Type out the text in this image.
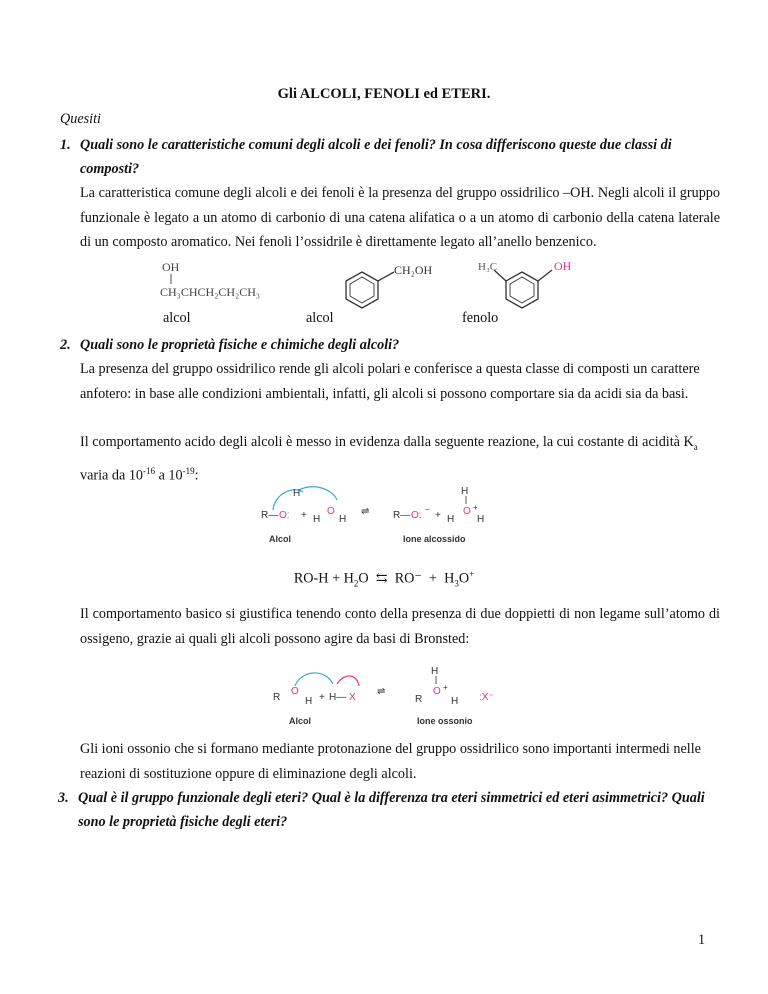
Gli ALCOLI, FENOLI ed ETERI.
Quesiti
1. Quali sono le caratteristiche comuni degli alcoli e dei fenoli? In cosa differiscono queste due classi di composti?
La caratteristica comune degli alcoli e dei fenoli è la presenza del gruppo ossidrilico –OH. Negli alcoli il gruppo funzionale è legato a un atomo di carbonio di una catena alifatica o a un atomo di carbonio della catena laterale di un composto aromatico. Nei fenoli l’ossidrile è direttamente legato all’anello benzenico.
OH
CH₃CHCH₂CH₂CH₃
CH₂OH	H₃C	OH
alcol	alcol	fenolo
2. Quali sono le proprietà fisiche e chimiche degli alcoli?
La presenza del gruppo ossidrilico rende gli alcoli polari e conferisce a questa classe di composti un carattere anfotero: in base alle condizioni ambientali, infatti, gli alcoli si possono comportare sia da acidi sia da basi.
Il comportamento acido degli alcoli è messo in evidenza dalla seguente reazione, la cui costante di acidità $K_a$ varia da $10^{-16}$ a $10^{-19}$:
H
R— O: + H
O
H
⇌ R— O:
−
+ H
O +
H
H
Alcol	Ione alcossido
$RO-H + H_2O$  ⇆  $RO^- + H_3O^+$
Il comportamento basico si giustifica tenendo conto della presenza di due doppietti di non legame sull’atomo di ossigeno, grazie ai quali gli alcoli possono agire da basi di Bronsted:
R
O
H + H— X
⇌
R
O +
H
H
:X⁻
Alcol	Ione ossonio
Gli ioni ossonio che si formano mediante protonazione del gruppo ossidrilico sono importanti intermedi nelle reazioni di sostituzione oppure di eliminazione degli alcoli.
3. Qual è il gruppo funzionale degli eteri? Qual è la differenza tra eteri simmetrici ed eteri asimmetrici? Quali sono le proprietà fisiche degli eteri?
1
